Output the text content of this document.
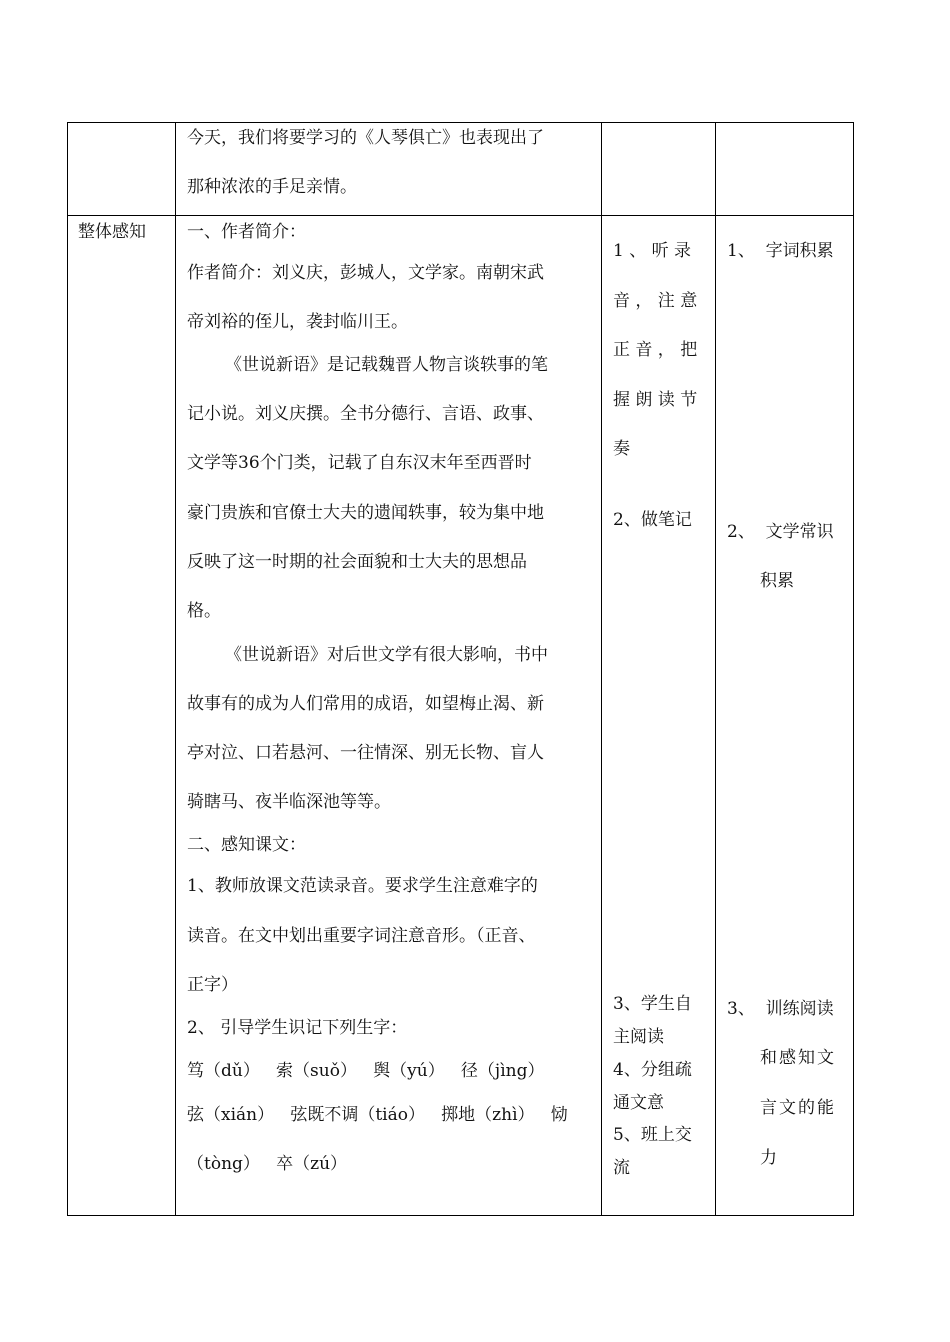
今天，我们将要学习的《人琴俱亡》也表现出了
那种浓浓的手足亲情。
整体感知 一、作者简介：
作者简介：刘义庆，彭城人，文学家。南朝宋武
帝刘裕的侄儿，袭封临川王。
《世说新语》是记载魏晋人物言谈轶事的笔
记小说。刘义庆撰。全书分德行、言语、政事、
文学等36个门类，记载了自东汉末年至西晋时
豪门贵族和官僚士大夫的遗闻轶事，较为集中地
反映了这一时期的社会面貌和士大夫的思想品
格。
《世说新语》对后世文学有很大影响，书中
故事有的成为人们常用的成语，如望梅止渴、新
亭对泣、口若悬河、一往情深、别无长物、盲人
骑瞎马、夜半临深池等等。
二、感知课文：
1、教师放课文范读录音。要求学生注意难字的
读音。在文中划出重要字词注意音形。（正音、
正字）
2、 引导学生识记下列生字：
笃（dǔ）   索（suǒ）   舆（yú）   径（jìng）
弦（xián）   弦既不调（tiáo）   掷地（zhì）   恸
（tòng）   卒（zú）
1 、 听 录
音 ， 注 意
正 音 ， 把
握 朗 读 节
奏
2、做笔记
3、学生自
主阅读
4、分组疏
通文意
5、班上交
流
1、  字词积累
2、  文学常识
积累
3、  训练阅读
和感知文
言文的能
力
